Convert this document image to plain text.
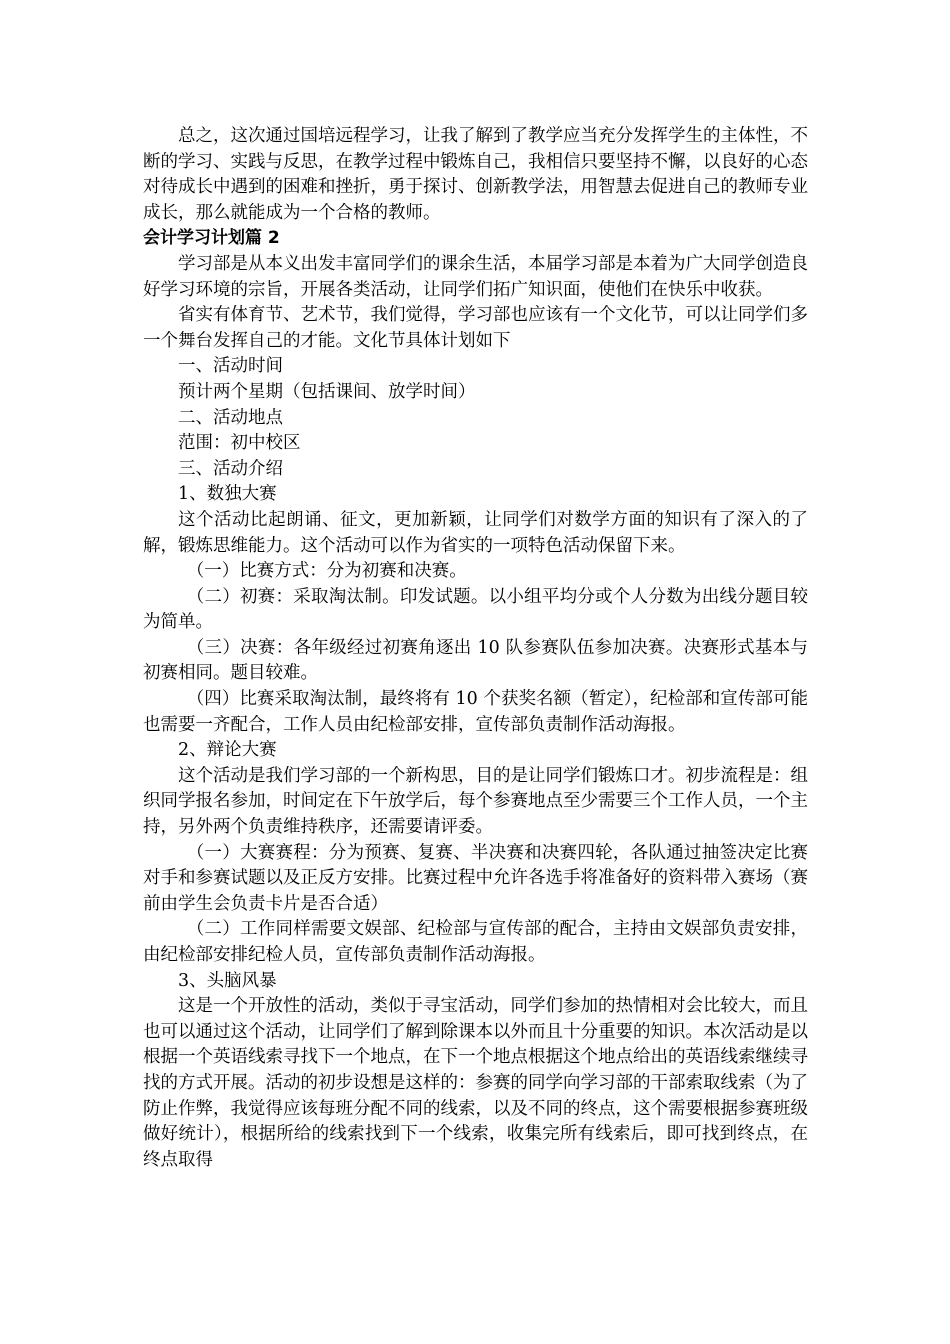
总之，这次通过国培远程学习，让我了解到了教学应当充分发挥学生的主体性，不断的学习、实践与反思，在教学过程中锻炼自己，我相信只要坚持不懈，以良好的心态对待成长中遇到的困难和挫折，勇于探讨、创新教学法，用智慧去促进自己的教师专业成长，那么就能成为一个合格的教师。

会计学习计划篇 2

学习部是从本义出发丰富同学们的课余生活，本届学习部是本着为广大同学创造良好学习环境的宗旨，开展各类活动，让同学们拓广知识面，使他们在快乐中收获。

省实有体育节、艺术节，我们觉得，学习部也应该有一个文化节，可以让同学们多一个舞台发挥自己的才能。文化节具体计划如下

一、活动时间

预计两个星期（包括课间、放学时间）

二、活动地点

范围：初中校区

三、活动介绍

1、数独大赛

这个活动比起朗诵、征文，更加新颖，让同学们对数学方面的知识有了深入的了解，锻炼思维能力。这个活动可以作为省实的一项特色活动保留下来。

（一）比赛方式：分为初赛和决赛。

（二）初赛：采取淘汰制。印发试题。以小组平均分或个人分数为出线分题目较为简单。

（三）决赛：各年级经过初赛角逐出 10 队参赛队伍参加决赛。决赛形式基本与初赛相同。题目较难。

（四）比赛采取淘汰制，最终将有 10 个获奖名额（暂定），纪检部和宣传部可能也需要一齐配合，工作人员由纪检部安排，宣传部负责制作活动海报。

2、辩论大赛

这个活动是我们学习部的一个新构思，目的是让同学们锻炼口才。初步流程是：组织同学报名参加，时间定在下午放学后，每个参赛地点至少需要三个工作人员，一个主持，另外两个负责维持秩序，还需要请评委。

（一）大赛赛程：分为预赛、复赛、半决赛和决赛四轮，各队通过抽签决定比赛对手和参赛试题以及正反方安排。比赛过程中允许各选手将准备好的资料带入赛场（赛前由学生会负责卡片是否合适）

（二）工作同样需要文娱部、纪检部与宣传部的配合，主持由文娱部负责安排，由纪检部安排纪检人员，宣传部负责制作活动海报。

3、头脑风暴

这是一个开放性的活动，类似于寻宝活动，同学们参加的热情相对会比较大，而且也可以通过这个活动，让同学们了解到除课本以外而且十分重要的知识。本次活动是以根据一个英语线索寻找下一个地点，在下一个地点根据这个地点给出的英语线索继续寻找的方式开展。活动的初步设想是这样的：参赛的同学向学习部的干部索取线索（为了防止作弊，我觉得应该每班分配不同的线索，以及不同的终点，这个需要根据参赛班级做好统计），根据所给的线索找到下一个线索，收集完所有线索后，即可找到终点，在终点取得
